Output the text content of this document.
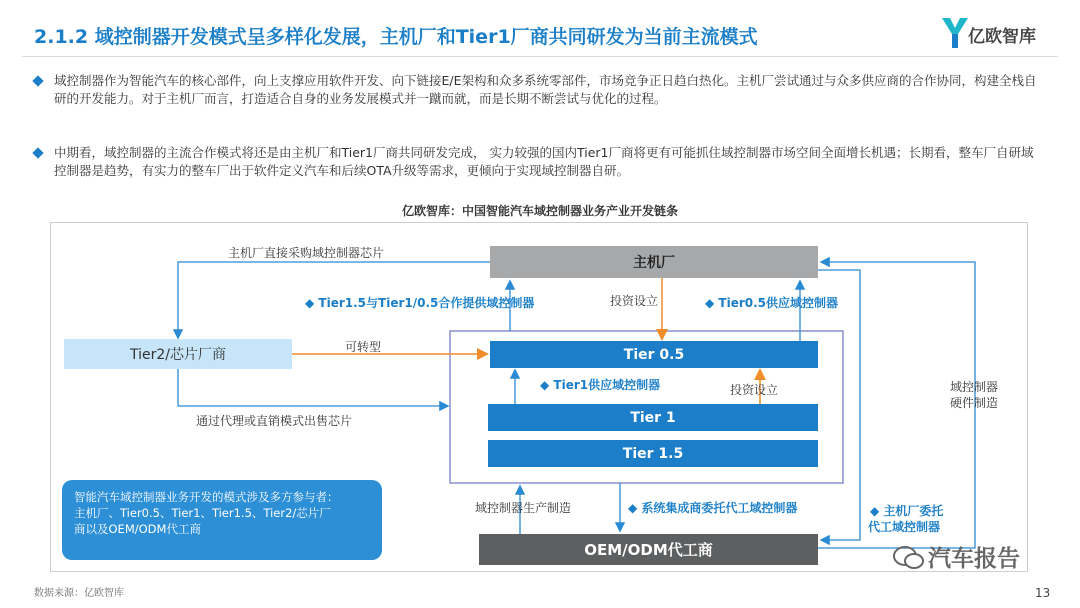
2.1.2 域控制器开发模式呈多样化发展，主机厂和Tier1厂商共同研发为当前主流模式	亿欧智库
域控制器作为智能汽车的核心部件，向上支撑应用软件开发、向下链接E/E架构和众多系统零部件，市场竞争正日趋白热化。主机厂尝试通过与众多供应商的合作协同，构建全栈自研的开发能力。对于主机厂而言，打造适合自身的业务发展模式并一蹴而就，而是长期不断尝试与优化的过程。
中期看，域控制器的主流合作模式将还是由主机厂和Tier1厂商共同研发完成， 实力较强的国内Tier1厂商将更有可能抓住域控制器市场空间全面增长机遇；长期看，整车厂自研域控制器是趋势，有实力的整车厂出于软件定义汽车和后续OTA升级等需求，更倾向于实现域控制器自研。
亿欧智库：中国智能汽车域控制器业务产业开发链条
主机厂
Tier2/芯片厂商	Tier 0.5
Tier 1
Tier 1.5
OEM/ODM代工商
主机厂直接采购域控制器芯片
◆ Tier1.5与Tier1/0.5合作提供域控制器	投资设立	◆ Tier0.5供应域控制器
可转型
◆ Tier1供应域控制器	投资设立
通过代理或直销模式出售芯片
域控制器
硬件制造
域控制器生产制造	◆ 系统集成商委托代工域控制器	◆ 主机厂委托
代工域控制器
智能汽车域控制器业务开发的模式涉及多方参与者：
主机厂、Tier0.5、Tier1、Tier1.5、Tier2/芯片厂
商以及OEM/ODM代工商
数据来源：亿欧智库
汽车报告
13
